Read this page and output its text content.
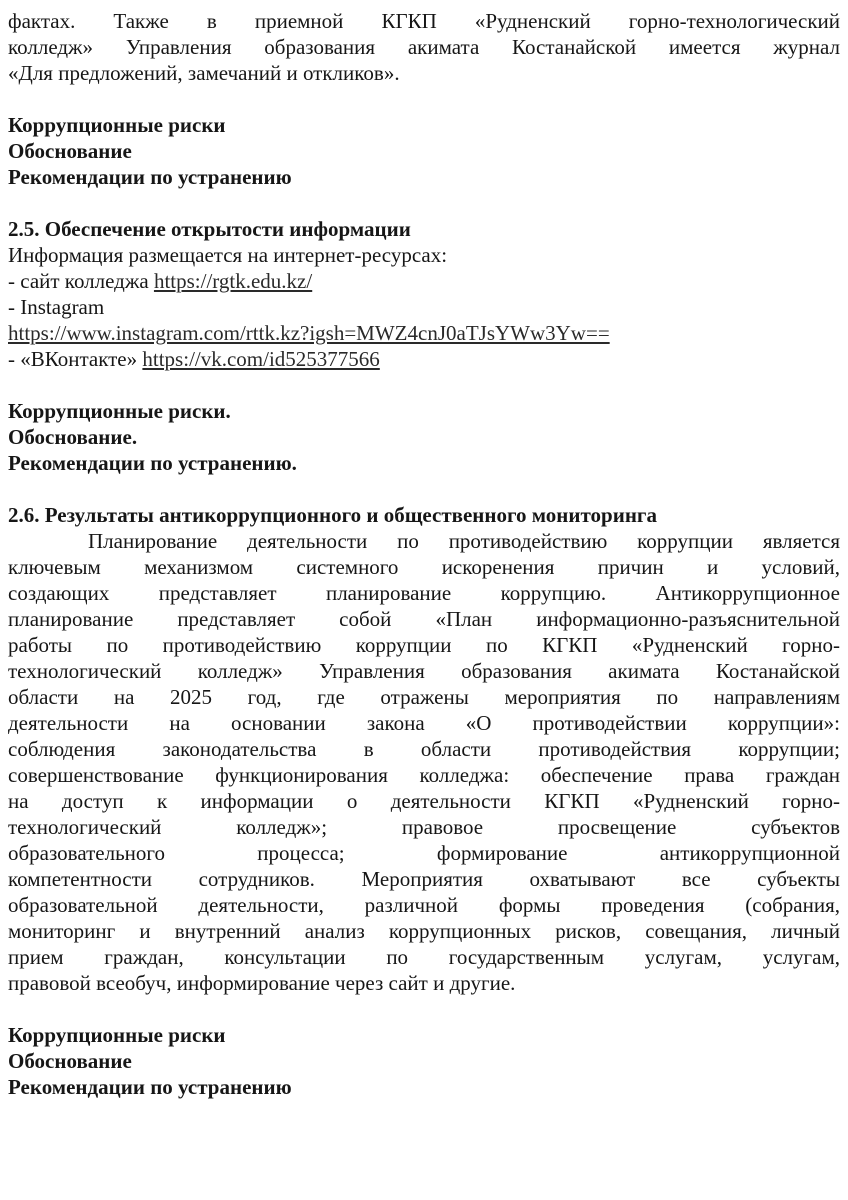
фактах. Также в приемной КГКП «Рудненский горно-технологический

колледж» Управления образования акимата Костанайской имеется журнал

«Для предложений, замечаний и откликов».

Коррупционные риски

Обоснование

Рекомендации по устранению

2.5. Обеспечение открытости информации

Информация размещается на интернет-ресурсах:

- сайт колледжа https://rgtk.edu.kz/

- Instagram

https://www.instagram.com/rttk.kz?igsh=MWZ4cnJ0aTJsYWw3Yw==

- «ВКонтакте» https://vk.com/id525377566

Коррупционные риски.

Обоснование.

Рекомендации по устранению.

2.6. Результаты антикоррупционного и общественного мониторинга

Планирование деятельности по противодействию коррупции является

ключевым механизмом системного искоренения причин и условий,

создающих представляет планирование коррупцию. Антикоррупционное

планирование представляет собой «План информационно-разъяснительной

работы по противодействию коррупции по КГКП «Рудненский горно-

технологический колледж» Управления образования акимата Костанайской

области на 2025 год, где отражены мероприятия по направлениям

деятельности на основании закона «О противодействии коррупции»:

соблюдения законодательства в области противодействия коррупции;

совершенствование функционирования колледжа: обеспечение права граждан

на доступ к информации о деятельности КГКП «Рудненский горно-

технологический колледж»; правовое просвещение субъектов

образовательного процесса; формирование антикоррупционной

компетентности сотрудников. Мероприятия охватывают все субъекты

образовательной деятельности, различной формы проведения (собрания,

мониторинг и внутренний анализ коррупционных рисков, совещания, личный

прием граждан, консультации по государственным услугам, услугам,

правовой всеобуч, информирование через сайт и другие.

Коррупционные риски

Обоснование

Рекомендации по устранению
